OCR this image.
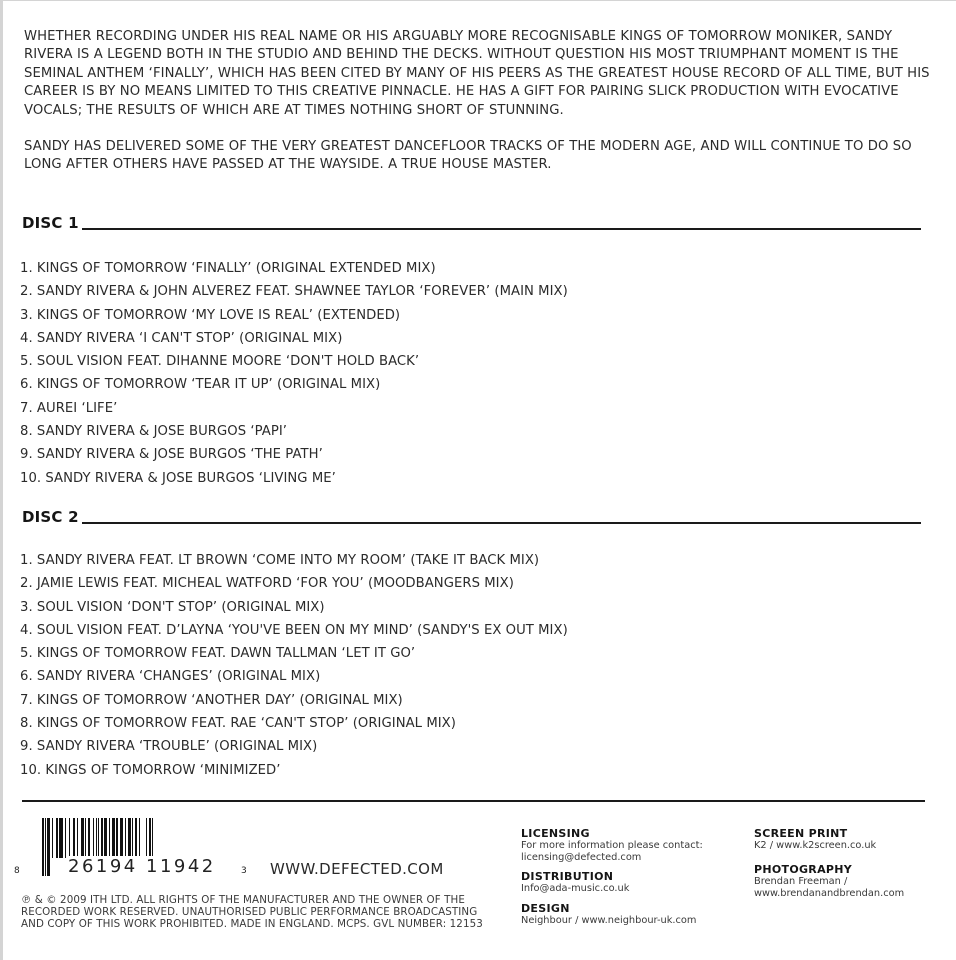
WHETHER RECORDING UNDER HIS REAL NAME OR HIS ARGUABLY MORE RECOGNISABLE KINGS OF TOMORROW MONIKER, SANDY RIVERA IS A LEGEND BOTH IN THE STUDIO AND BEHIND THE DECKS. WITHOUT QUESTION HIS MOST TRIUMPHANT MOMENT IS THE SEMINAL ANTHEM ‘FINALLY’, WHICH HAS BEEN CITED BY MANY OF HIS PEERS AS THE GREATEST HOUSE RECORD OF ALL TIME, BUT HIS CAREER IS BY NO MEANS LIMITED TO THIS CREATIVE PINNACLE. HE HAS A GIFT FOR PAIRING SLICK PRODUCTION WITH EVOCATIVE VOCALS; THE RESULTS OF WHICH ARE AT TIMES NOTHING SHORT OF STUNNING.

SANDY HAS DELIVERED SOME OF THE VERY GREATEST DANCEFLOOR TRACKS OF THE MODERN AGE, AND WILL CONTINUE TO DO SO LONG AFTER OTHERS HAVE PASSED AT THE WAYSIDE. A TRUE HOUSE MASTER.

DISC 1
1. KINGS OF TOMORROW ‘FINALLY’ (ORIGINAL EXTENDED MIX)
2. SANDY RIVERA & JOHN ALVEREZ FEAT. SHAWNEE TAYLOR ‘FOREVER’ (MAIN MIX)
3. KINGS OF TOMORROW ‘MY LOVE IS REAL’ (EXTENDED)
4. SANDY RIVERA ‘I CAN'T STOP’ (ORIGINAL MIX)
5. SOUL VISION FEAT. DIHANNE MOORE ‘DON'T HOLD BACK’
6. KINGS OF TOMORROW ‘TEAR IT UP’ (ORIGINAL MIX)
7. AUREI ‘LIFE’
8. SANDY RIVERA & JOSE BURGOS ‘PAPI’
9. SANDY RIVERA & JOSE BURGOS ‘THE PATH’
10. SANDY RIVERA & JOSE BURGOS ‘LIVING ME’
DISC 2
1. SANDY RIVERA FEAT. LT BROWN ‘COME INTO MY ROOM’ (TAKE IT BACK MIX)
2. JAMIE LEWIS FEAT. MICHEAL WATFORD ‘FOR YOU’ (MOODBANGERS MIX)
3. SOUL VISION ‘DON'T STOP’ (ORIGINAL MIX)
4. SOUL VISION FEAT. D’LAYNA ‘YOU'VE BEEN ON MY MIND’ (SANDY'S EX OUT MIX)
5. KINGS OF TOMORROW FEAT. DAWN TALLMAN ‘LET IT GO’
6. SANDY RIVERA ‘CHANGES’ (ORIGINAL MIX)
7. KINGS OF TOMORROW ‘ANOTHER DAY’ (ORIGINAL MIX)
8. KINGS OF TOMORROW FEAT. RAE ‘CAN'T STOP’ (ORIGINAL MIX)
9. SANDY RIVERA ‘TROUBLE’ (ORIGINAL MIX)
10. KINGS OF TOMORROW ‘MINIMIZED’
8	26194 11942	3 WWW.DEFECTED.COM
℗ & © 2009 ITH LTD. ALL RIGHTS OF THE MANUFACTURER AND THE OWNER OF THE RECORDED WORK RESERVED. UNAUTHORISED PUBLIC PERFORMANCE BROADCASTING AND COPY OF THIS WORK PROHIBITED. MADE IN ENGLAND. MCPS. GVL NUMBER: 12153
LICENSING
For more information please contact:
licensing@defected.com
DISTRIBUTION
Info@ada-music.co.uk
DESIGN
Neighbour / www.neighbour-uk.com
SCREEN PRINT
K2 / www.k2screen.co.uk
PHOTOGRAPHY
Brendan Freeman /
www.brendanandbrendan.com
